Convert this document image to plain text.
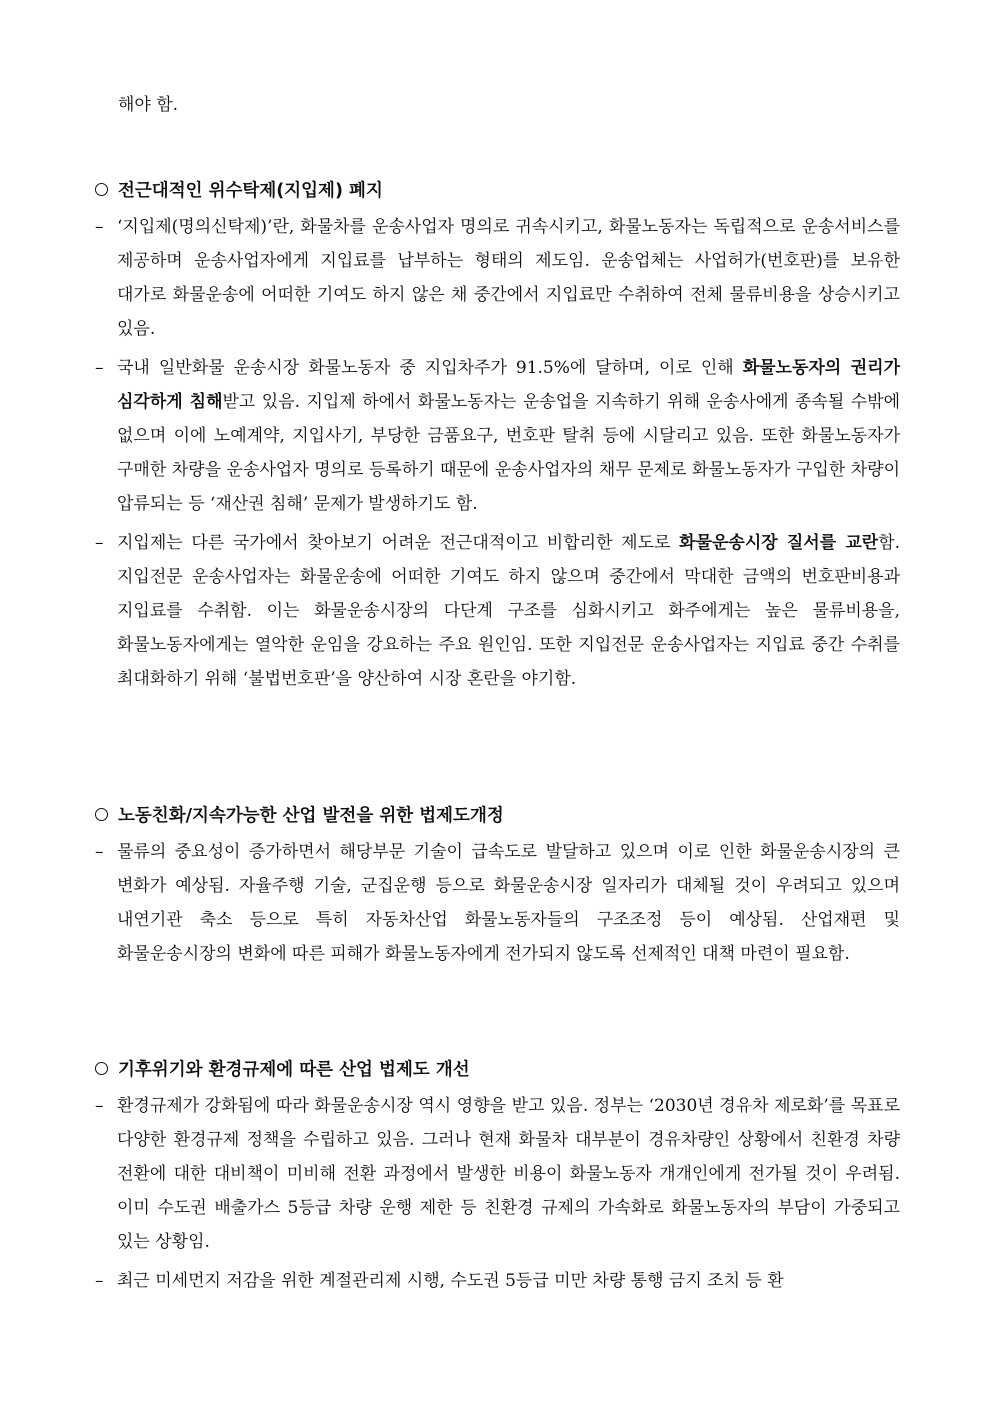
해야 함.

전근대적인 위수탁제(지입제) 폐지
– ‘지입제(명의신탁제)’란, 화물차를 운송사업자 명의로 귀속시키고, 화물노동자는 독립적으로 운송서비스를 제공하며 운송사업자에게 지입료를 납부하는 형태의 제도임. 운송업체는 사업허가(번호판)를 보유한 대가로 화물운송에 어떠한 기여도 하지 않은 채 중간에서 지입료만 수취하여 전체 물류비용을 상승시키고 있음.
– 국내 일반화물 운송시장 화물노동자 중 지입차주가 91.5%에 달하며, 이로 인해 화물노동자의 권리가 심각하게 침해받고 있음. 지입제 하에서 화물노동자는 운송업을 지속하기 위해 운송사에게 종속될 수밖에 없으며 이에 노예계약, 지입사기, 부당한 금품요구, 번호판 탈취 등에 시달리고 있음. 또한 화물노동자가 구매한 차량을 운송사업자 명의로 등록하기 때문에 운송사업자의 채무 문제로 화물노동자가 구입한 차량이 압류되는 등 ‘재산권 침해’ 문제가 발생하기도 함.
– 지입제는 다른 국가에서 찾아보기 어려운 전근대적이고 비합리한 제도로 화물운송시장 질서를 교란함. 지입전문 운송사업자는 화물운송에 어떠한 기여도 하지 않으며 중간에서 막대한 금액의 번호판비용과 지입료를 수취함. 이는 화물운송시장의 다단계 구조를 심화시키고 화주에게는 높은 물류비용을, 화물노동자에게는 열악한 운임을 강요하는 주요 원인임. 또한 지입전문 운송사업자는 지입료 중간 수취를 최대화하기 위해 ‘불법번호판’을 양산하여 시장 혼란을 야기함.
노동친화/지속가능한 산업 발전을 위한 법제도개정
– 물류의 중요성이 증가하면서 해당부문 기술이 급속도로 발달하고 있으며 이로 인한 화물운송시장의 큰 변화가 예상됨. 자율주행 기술, 군집운행 등으로 화물운송시장 일자리가 대체될 것이 우려되고 있으며 내연기관 축소 등으로 특히 자동차산업 화물노동자들의 구조조정 등이 예상됨. 산업재편 및 화물운송시장의 변화에 따른 피해가 화물노동자에게 전가되지 않도록 선제적인 대책 마련이 필요함.
기후위기와 환경규제에 따른 산업 법제도 개선
– 환경규제가 강화됨에 따라 화물운송시장 역시 영향을 받고 있음. 정부는 ‘2030년 경유차 제로화’를 목표로 다양한 환경규제 정책을 수립하고 있음. 그러나 현재 화물차 대부분이 경유차량인 상황에서 친환경 차량 전환에 대한 대비책이 미비해 전환 과정에서 발생한 비용이 화물노동자 개개인에게 전가될 것이 우려됨. 이미 수도권 배출가스 5등급 차량 운행 제한 등 친환경 규제의 가속화로 화물노동자의 부담이 가중되고 있는 상황임.
– 최근 미세먼지 저감을 위한 계절관리제 시행, 수도권 5등급 미만 차량 통행 금지 조치 등 환
